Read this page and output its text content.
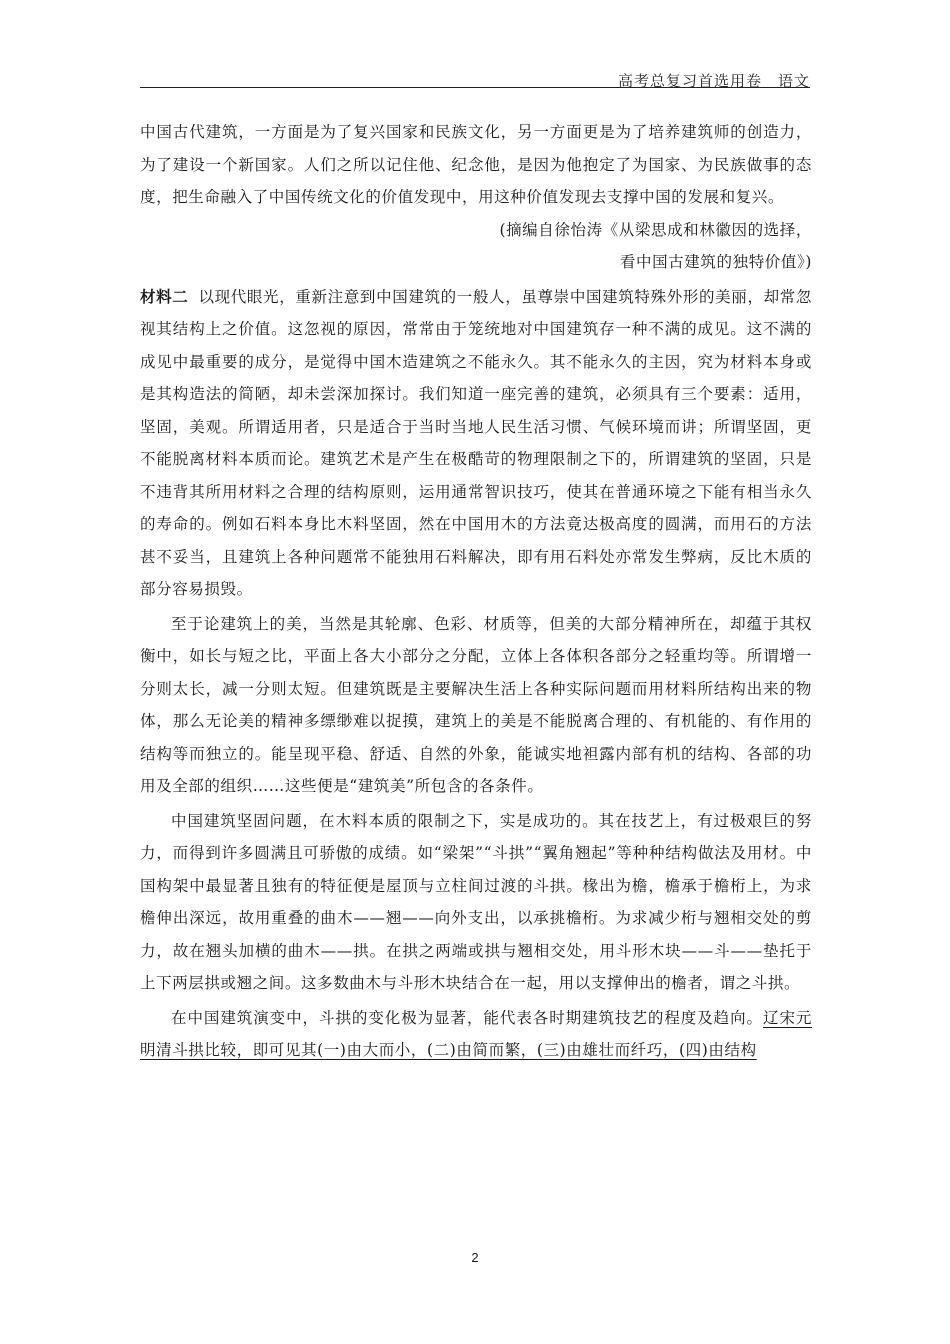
高考总复习首选用卷　语文

中国古代建筑，一方面是为了复兴国家和民族文化，另一方面更是为了培养建筑师的创造力，为了建设一个新国家。人们之所以记住他、纪念他，是因为他抱定了为国家、为民族做事的态度，把生命融入了中国传统文化的价值发现中，用这种价值发现去支撑中国的发展和复兴。

(摘编自徐怡涛《从梁思成和林徽因的选择，

看中国古建筑的独特价值》)

材料二 以现代眼光，重新注意到中国建筑的一般人，虽尊崇中国建筑特殊外形的美丽，却常忽视其结构上之价值。这忽视的原因，常常由于笼统地对中国建筑存一种不满的成见。这不满的成见中最重要的成分，是觉得中国木造建筑之不能永久。其不能永久的主因，究为材料本身或是其构造法的简陋，却未尝深加探讨。我们知道一座完善的建筑，必须具有三个要素：适用，坚固，美观。所谓适用者，只是适合于当时当地人民生活习惯、气候环境而讲；所谓坚固，更不能脱离材料本质而论。建筑艺术是产生在极酷苛的物理限制之下的，所谓建筑的坚固，只是不违背其所用材料之合理的结构原则，运用通常智识技巧，使其在普通环境之下能有相当永久的寿命的。例如石料本身比木料坚固，然在中国用木的方法竟达极高度的圆满，而用石的方法甚不妥当，且建筑上各种问题常不能独用石料解决，即有用石料处亦常发生弊病，反比木质的部分容易损毁。

至于论建筑上的美，当然是其轮廓、色彩、材质等，但美的大部分精神所在，却蕴于其权衡中，如长与短之比，平面上各大小部分之分配，立体上各体积各部分之轻重均等。所谓增一分则太长，减一分则太短。但建筑既是主要解决生活上各种实际问题而用材料所结构出来的物体，那么无论美的精神多缥缈难以捉摸，建筑上的美是不能脱离合理的、有机能的、有作用的结构等而独立的。能呈现平稳、舒适、自然的外象，能诚实地袒露内部有机的结构、各部的功用及全部的组织……这些便是“建筑美”所包含的各条件。

中国建筑坚固问题，在木料本质的限制之下，实是成功的。其在技艺上，有过极艰巨的努力，而得到许多圆满且可骄傲的成绩。如“梁架”“斗拱”“翼角翘起”等种种结构做法及用材。中国构架中最显著且独有的特征便是屋顶与立柱间过渡的斗拱。椽出为檐，檐承于檐桁上，为求檐伸出深远，故用重叠的曲木——翘——向外支出，以承挑檐桁。为求减少桁与翘相交处的剪力，故在翘头加横的曲木——拱。在拱之两端或拱与翘相交处，用斗形木块——斗——垫托于上下两层拱或翘之间。这多数曲木与斗形木块结合在一起，用以支撑伸出的檐者，谓之斗拱。

在中国建筑演变中，斗拱的变化极为显著，能代表各时期建筑技艺的程度及趋向。辽宋元明清斗拱比较，即可见其(一)由大而小，(二)由简而繁，(三)由雄壮而纤巧，(四)由结构

2
